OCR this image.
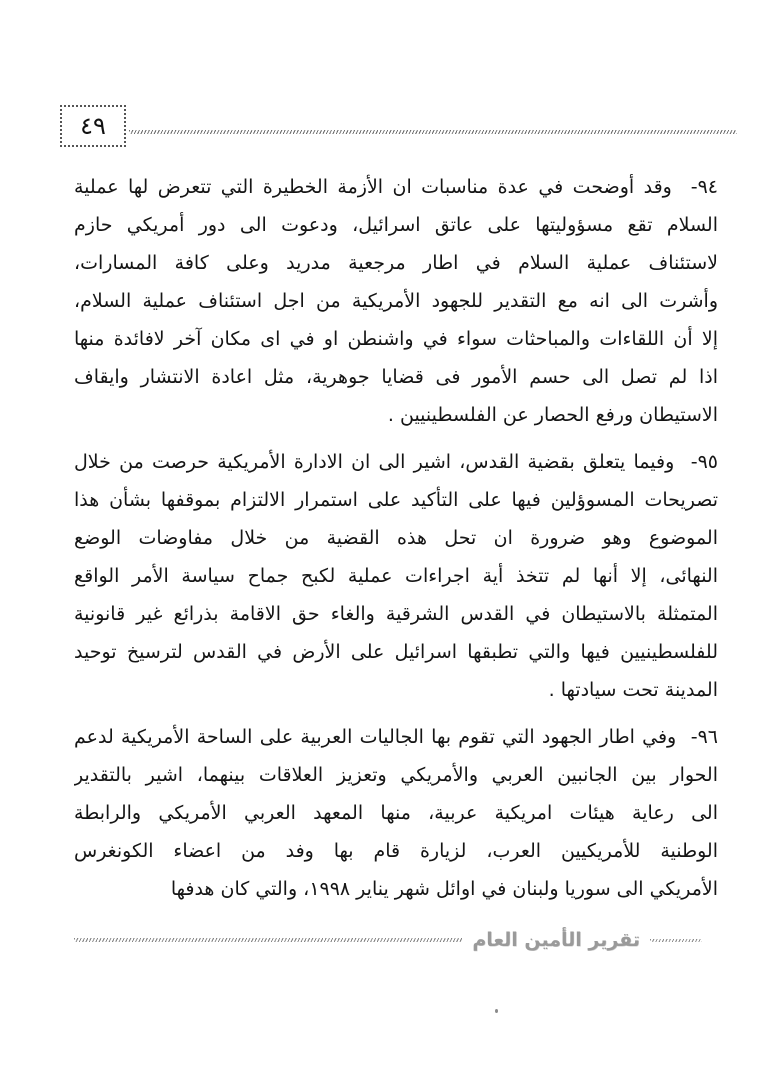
٤٩
٩٤-  وقد أوضحت في عدة مناسبات ان الأزمة الخطيرة التي تتعرض لها عملية
السلام تقع مسؤوليتها على عاتق اسرائيل، ودعوت الى دور أمريكي حازم
لاستئناف عملية السلام في اطار مرجعية مدريد وعلى كافة المسارات،
وأشرت الى انه مع التقدير للجهود الأمريكية من اجل استئناف عملية السلام،
إلا أن اللقاءات والمباحثات سواء في واشنطن او في اى مكان آخر لافائدة منها
اذا لم تصل الى حسم الأمور فى قضايا جوهرية، مثل اعادة الانتشار وايقاف
الاستيطان ورفع الحصار عن الفلسطينيين .
٩٥-  وفيما يتعلق بقضية القدس، اشير الى ان الادارة الأمريكية حرصت من خلال
تصريحات المسوؤلين فيها على التأكيد على استمرار الالتزام بموقفها بشأن هذا
الموضوع وهو ضرورة ان تحل هذه القضية من خلال مفاوضات الوضع
النهائى، إلا أنها لم تتخذ أية اجراءات عملية لكبح جماح سياسة الأمر الواقع
المتمثلة بالاستيطان في القدس الشرقية والغاء حق الاقامة بذرائع غير قانونية
للفلسطينيين فيها والتي تطبقها اسرائيل على الأرض في القدس لترسيخ توحيد
المدينة تحت سيادتها .
٩٦-  وفي اطار الجهود التي تقوم بها الجاليات العربية على الساحة الأمريكية لدعم
الحوار بين الجانبين العربي والأمريكي وتعزيز العلاقات بينهما، اشير بالتقدير
الى رعاية هيئات امريكية عربية، منها المعهد العربي الأمريكي والرابطة
الوطنية للأمريكيين العرب، لزيارة قام بها وفد من اعضاء الكونغرس
الأمريكي الى سوريا ولبنان في اوائل شهر يناير ١٩٩٨، والتي كان هدفها
تقرير الأمين العام
